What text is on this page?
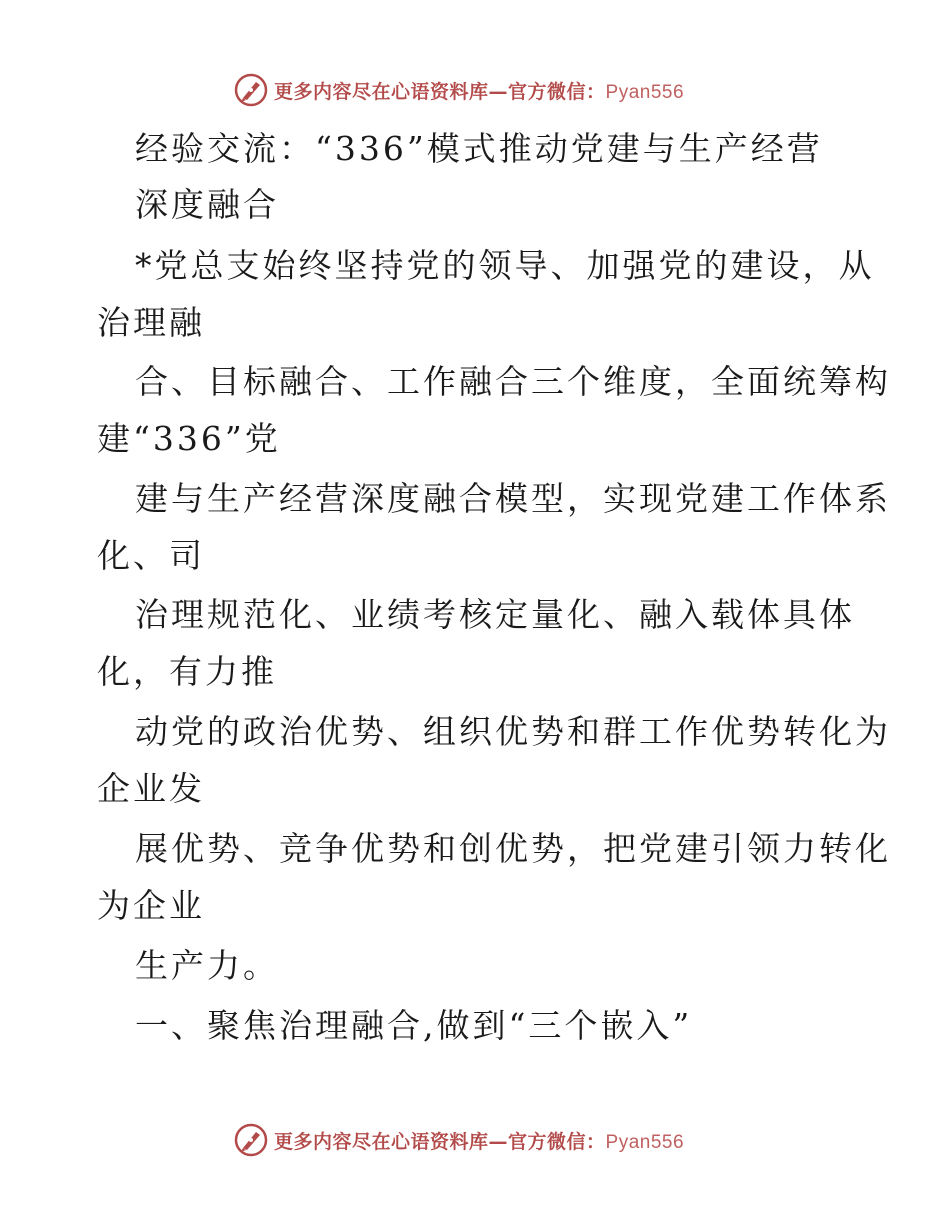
更多内容尽在心语资料库—官方微信：Pyan556
经验交流：“336”模式推动党建与生产经营
深度融合
*党总支始终坚持党的领导、加强党的建设，从
治理融
合、目标融合、工作融合三个维度，全面统筹构
建“336”党
建与生产经营深度融合模型，实现党建工作体系
化、司
治理规范化、业绩考核定量化、融入载体具体
化，有力推
动党的政治优势、组织优势和群工作优势转化为
企业发
展优势、竞争优势和创优势，把党建引领力转化
为企业
生产力。
一、聚焦治理融合,做到“三个嵌入”
更多内容尽在心语资料库—官方微信：Pyan556
